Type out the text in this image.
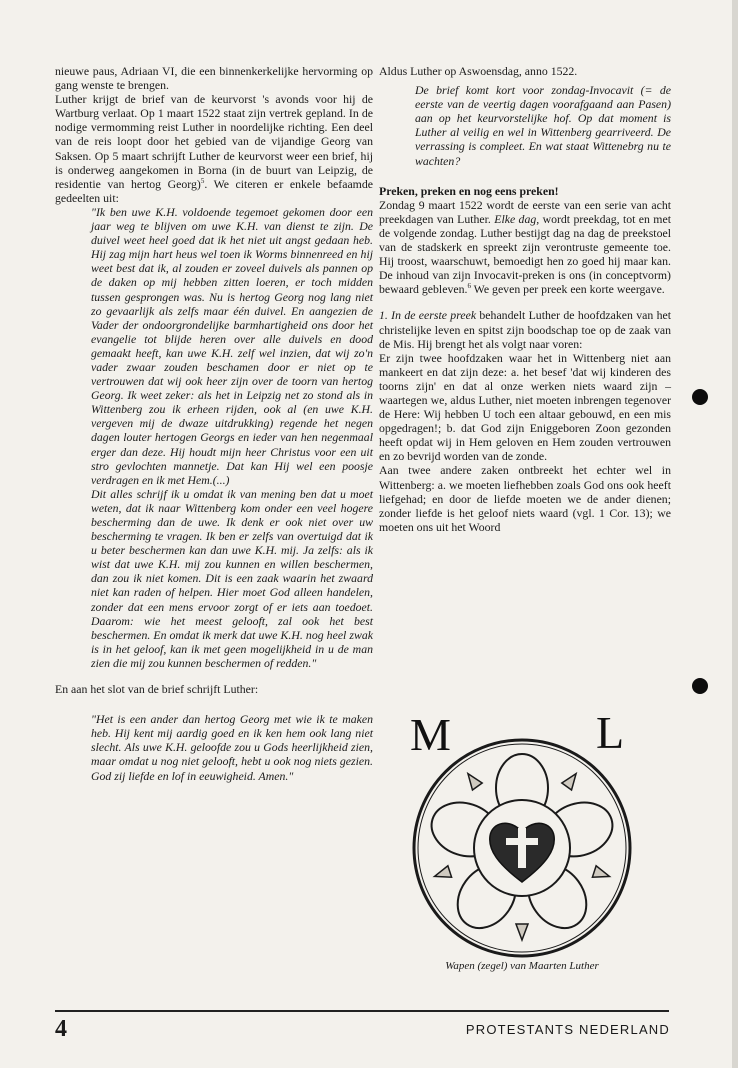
nieuwe paus, Adriaan VI, die een binnenkerkelijke hervorming op gang wenste te brengen.

Luther krijgt de brief van de keurvorst 's avonds voor hij de Wartburg verlaat. Op 1 maart 1522 staat zijn vertrek gepland. In de nodige vermomming reist Luther in noordelijke richting. Een deel van de reis loopt door het gebied van de vijandige Georg van Saksen. Op 5 maart schrijft Luther de keurvorst weer een brief, hij is onderweg aangekomen in Borna (in de buurt van Leipzig, de residentie van hertog Georg)$^5$. We citeren er enkele befaamde gedeelten uit:

"Ik ben uwe K.H. voldoende tegemoet gekomen door een jaar weg te blijven om uwe K.H. van dienst te zijn. De duivel weet heel goed dat ik het niet uit angst gedaan heb. Hij zag mijn hart heus wel toen ik Worms binnenreed en hij weet best dat ik, al zouden er zoveel duivels als pannen op de daken op mij hebben zitten loeren, er toch midden tussen gesprongen was. Nu is hertog Georg nog lang niet zo gevaarlijk als zelfs maar één duivel. En aangezien de Vader der ondoorgrondelijke barmhartigheid ons door het evangelie tot blijde heren over alle duivels en dood gemaakt heeft, kan uwe K.H. zelf wel inzien, dat wij zo'n vader zwaar zouden beschamen door er niet op te vertrouwen dat wij ook heer zijn over de toorn van hertog Georg. Ik weet zeker: als het in Leipzig net zo stond als in Wittenberg zou ik erheen rijden, ook al (en uwe K.H. vergeven mij de dwaze uitdrukking) regende het negen dagen louter hertogen Georgs en ieder van hen negenmaal erger dan deze. Hij houdt mijn heer Christus voor een uit stro gevlochten mannetje. Dat kan Hij wel een poosje verdragen en ik met Hem.(...)

Dit alles schrijf ik u omdat ik van mening ben dat u moet weten, dat ik naar Wittenberg kom onder een veel hogere bescherming dan de uwe. Ik denk er ook niet over uw bescherming te vragen. Ik ben er zelfs van overtuigd dat ik u beter beschermen kan dan uwe K.H. mij. Ja zelfs: als ik wist dat uwe K.H. mij zou kunnen en willen beschermen, dan zou ik niet komen. Dit is een zaak waarin het zwaard niet kan raden of helpen. Hier moet God alleen handelen, zonder dat een mens ervoor zorgt of er iets aan toedoet. Daarom: wie het meest gelooft, zal ook het best beschermen. En omdat ik merk dat uwe K.H. nog heel zwak is in het geloof, kan ik met geen mogelijkheid in u de man zien die mij zou kunnen beschermen of redden."

En aan het slot van de brief schrijft Luther:

"Het is een ander dan hertog Georg met wie ik te maken heb. Hij kent mij aardig goed en ik ken hem ook lang niet slecht. Als uwe K.H. geloofde zou u Gods heerlijkheid zien, maar omdat u nog niet gelooft, hebt u ook nog niets gezien. God zij liefde en lof in eeuwigheid. Amen."

Aldus Luther op Aswoensdag, anno 1522.

De brief komt kort voor zondag-Invocavit (= de eerste van de veertig dagen voorafgaand aan Pasen) aan op het keurvorstelijke hof. Op dat moment is Luther al veilig en wel in Wittenberg gearriveerd. De verrassing is compleet. En wat staat Wittenebrg nu te wachten?

Preken, preken en nog eens preken!

Zondag 9 maart 1522 wordt de eerste van een serie van acht preekdagen van Luther. Elke dag, wordt preekdag, tot en met de volgende zondag. Luther bestijgt dag na dag de preekstoel van de stadskerk en spreekt zijn verontruste gemeente toe. Hij troost, waarschuwt, bemoedigt hen zo goed hij maar kan. De inhoud van zijn Invocavit-preken is ons (in conceptvorm) bewaard gebleven.$^6$ We geven per preek een korte weergave.

1. In de eerste preek behandelt Luther de hoofdzaken van het christelijke leven en spitst zijn boodschap toe op de zaak van de Mis. Hij brengt het als volgt naar voren:

Er zijn twee hoofdzaken waar het in Wittenberg niet aan mankeert en dat zijn deze: a. het besef 'dat wij kinderen des toorns zijn' en dat al onze werken niets waard zijn – waartegen we, aldus Luther, niet moeten inbrengen tegenover de Here: Wij hebben U toch een altaar gebouwd, en een mis opgedragen!; b. dat God zijn Eniggeboren Zoon gezonden heeft opdat wij in Hem geloven en Hem zouden vertrouwen en zo bevrijd worden van de zonde.

Aan twee andere zaken ontbreekt het echter wel in Wittenberg: a. we moeten liefhebben zoals God ons ook heeft liefgehad; en door de liefde moeten we de ander dienen; zonder liefde is het geloof niets waard (vgl. 1 Cor. 13); we moeten ons uit het Woord

M	L
Wapen (zegel) van Maarten Luther
4	PROTESTANTS NEDERLAND
